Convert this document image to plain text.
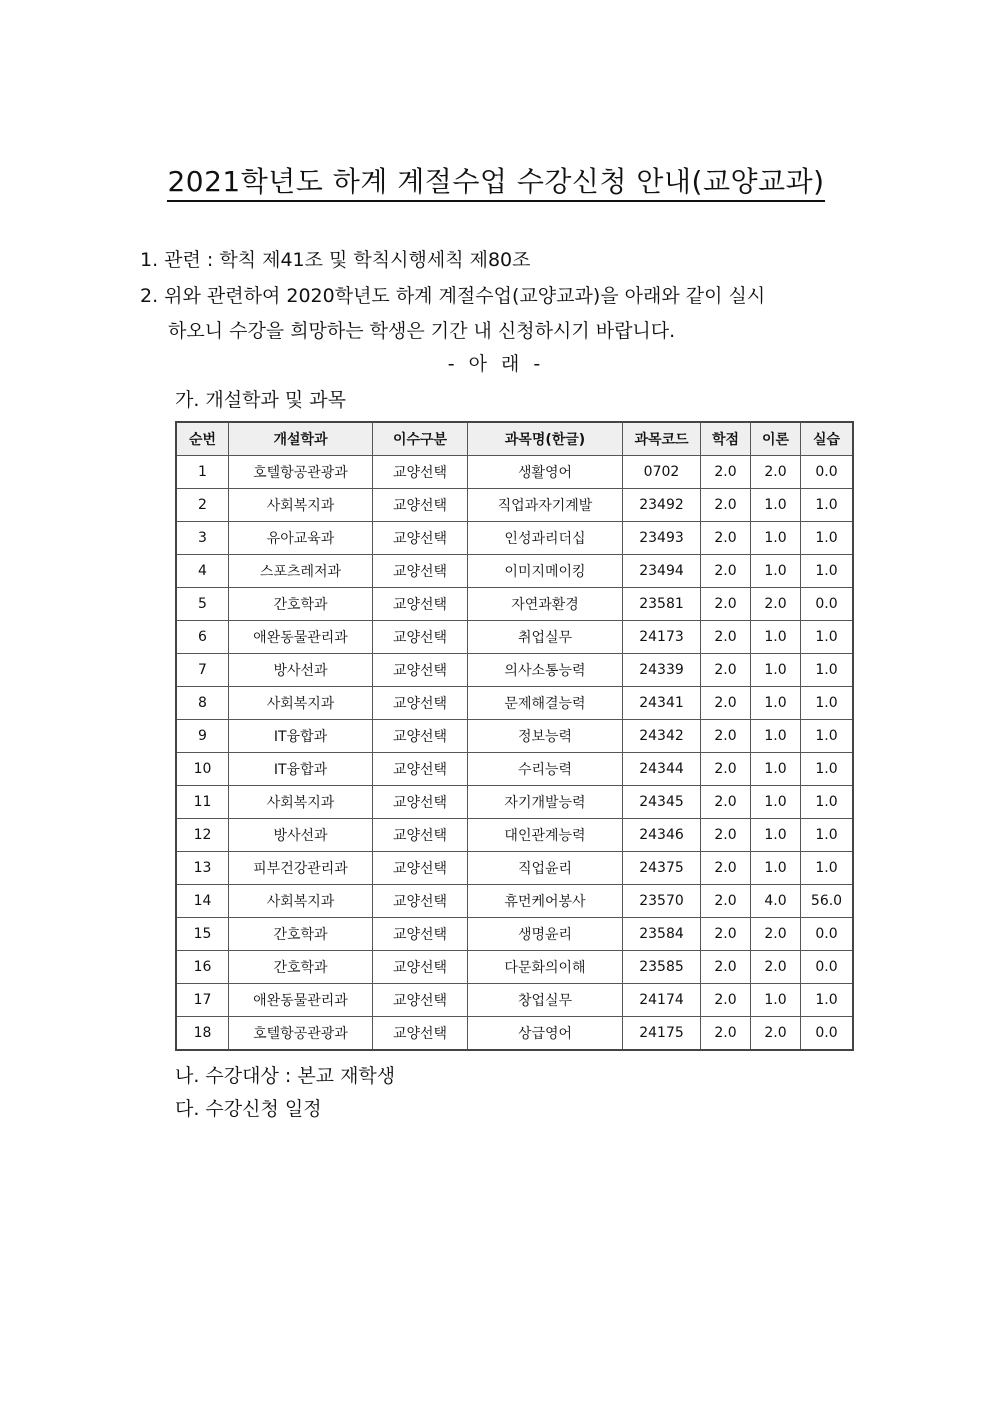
2021학년도 하계 계절수업 수강신청 안내(교양교과)
1. 관련 : 학칙 제41조 및 학칙시행세칙 제80조
2. 위와 관련하여 2020학년도 하계 계절수업(교양교과)을 아래와 같이 실시
하오니 수강을 희망하는 학생은 기간 내 신청하시기 바랍니다.
- 아 래 -
가. 개설학과 및 과목
순번	개설학과	이수구분	과목명(한글)	과목코드	학점	이론	실습
1	호텔항공관광과	교양선택	생활영어	0702	2.0	2.0	0.0
2	사회복지과	교양선택	직업과자기계발	23492	2.0	1.0	1.0
3	유아교육과	교양선택	인성과리더십	23493	2.0	1.0	1.0
4	스포츠레저과	교양선택	이미지메이킹	23494	2.0	1.0	1.0
5	간호학과	교양선택	자연과환경	23581	2.0	2.0	0.0
6	애완동물관리과	교양선택	취업실무	24173	2.0	1.0	1.0
7	방사선과	교양선택	의사소통능력	24339	2.0	1.0	1.0
8	사회복지과	교양선택	문제해결능력	24341	2.0	1.0	1.0
9	IT융합과	교양선택	정보능력	24342	2.0	1.0	1.0
10	IT융합과	교양선택	수리능력	24344	2.0	1.0	1.0
11	사회복지과	교양선택	자기개발능력	24345	2.0	1.0	1.0
12	방사선과	교양선택	대인관계능력	24346	2.0	1.0	1.0
13	피부건강관리과	교양선택	직업윤리	24375	2.0	1.0	1.0
14	사회복지과	교양선택	휴먼케어봉사	23570	2.0	4.0	56.0
15	간호학과	교양선택	생명윤리	23584	2.0	2.0	0.0
16	간호학과	교양선택	다문화의이해	23585	2.0	2.0	0.0
17	애완동물관리과	교양선택	창업실무	24174	2.0	1.0	1.0
18	호텔항공관광과	교양선택	상급영어	24175	2.0	2.0	0.0
나. 수강대상 : 본교 재학생
다. 수강신청 일정
